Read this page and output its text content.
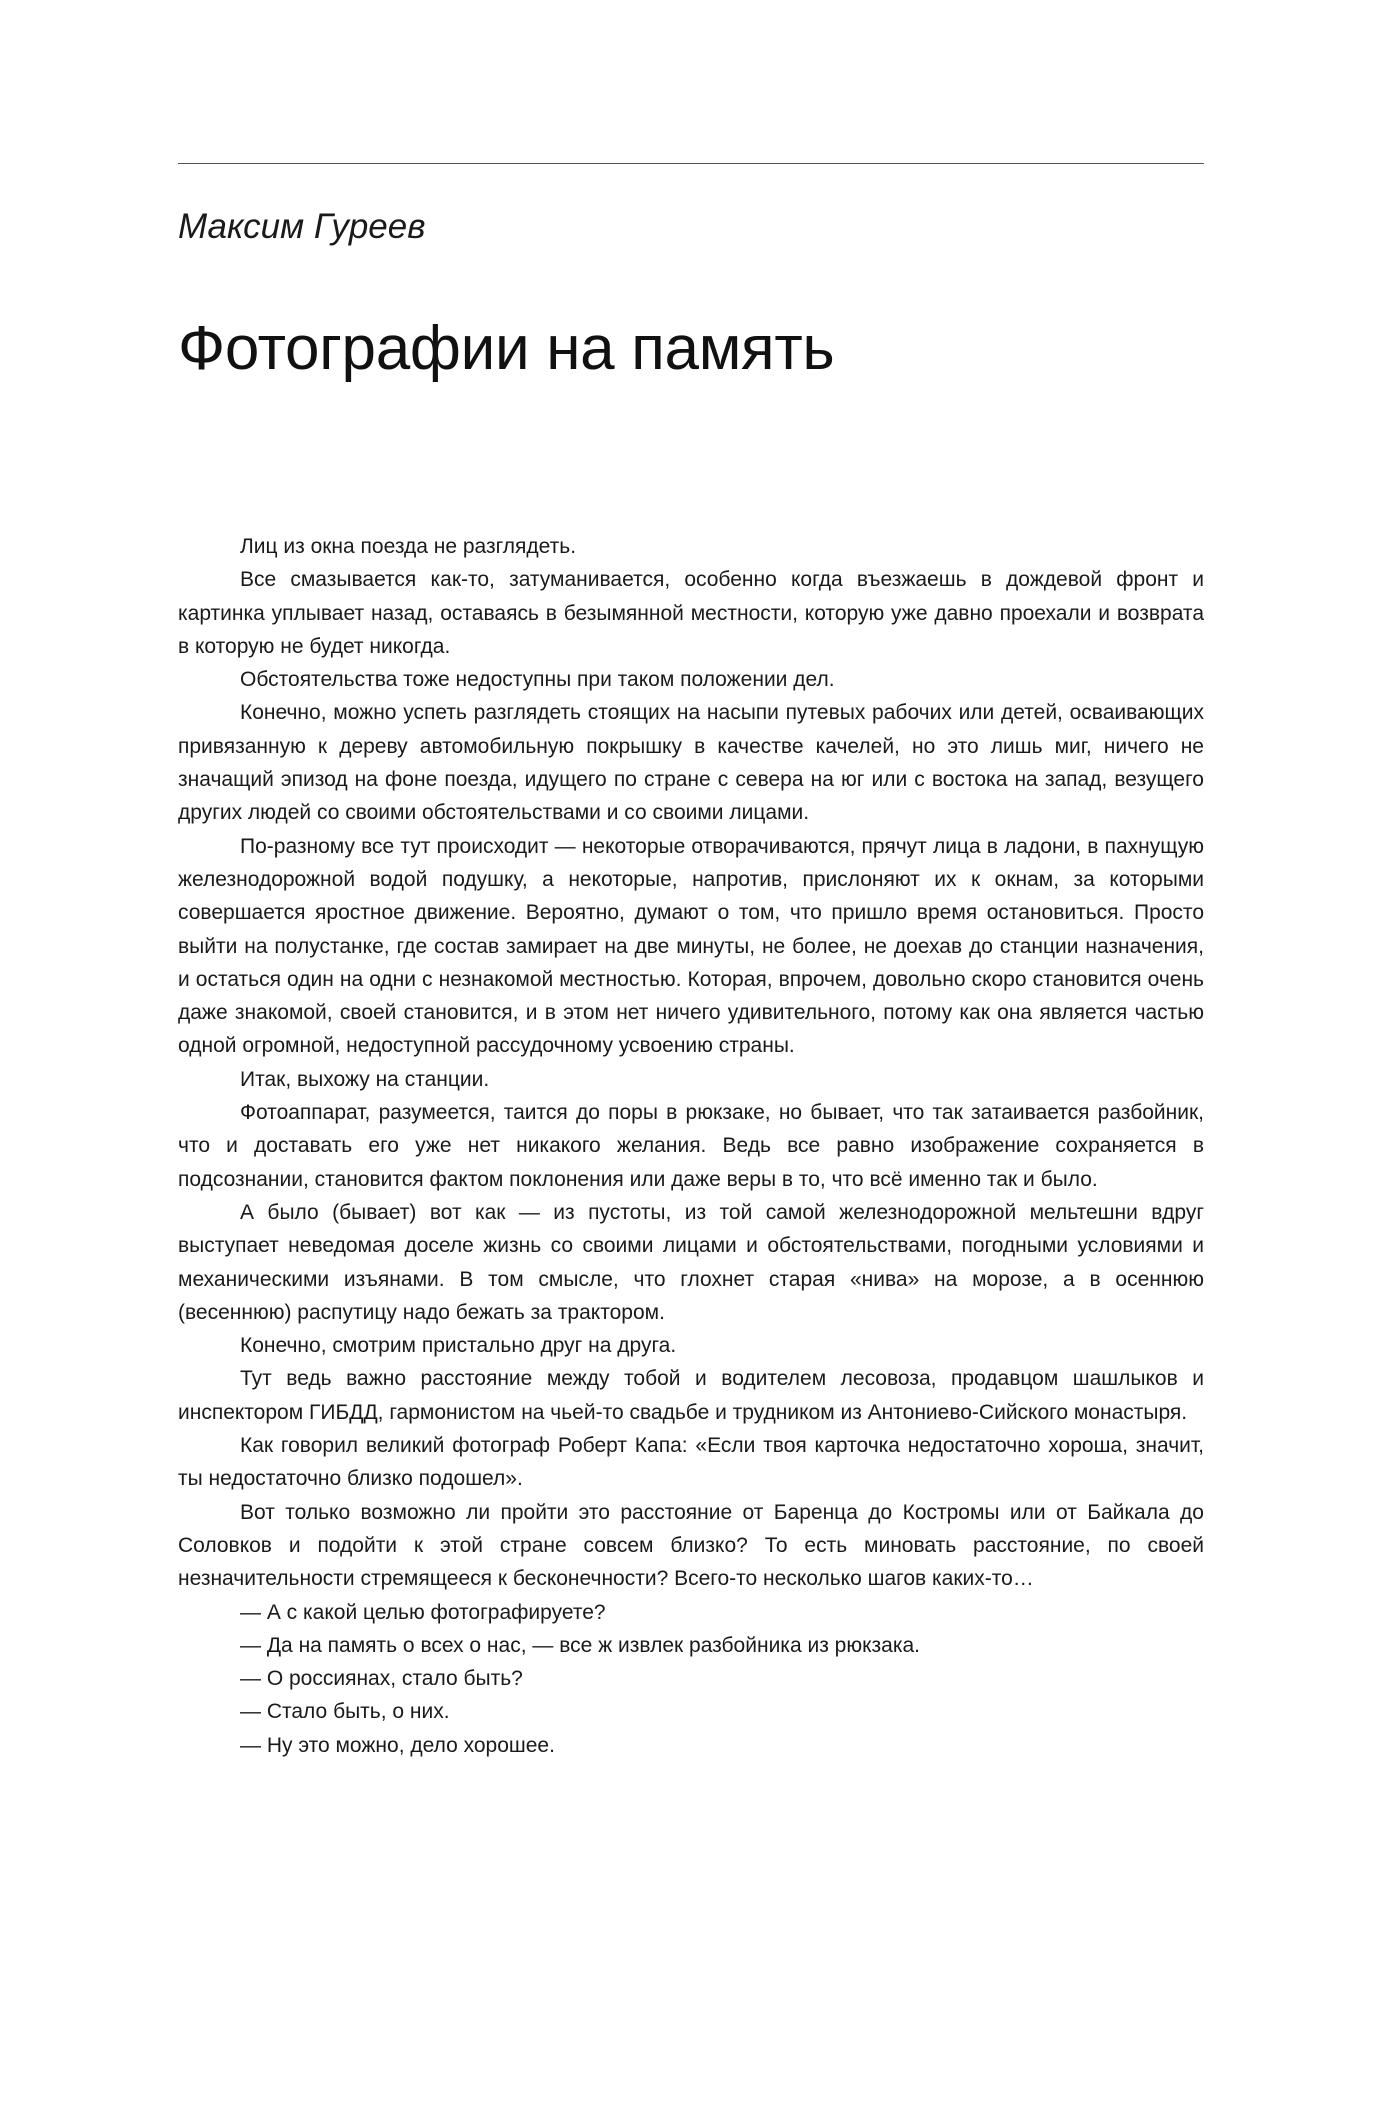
Максим Гуреев
Фотографии на память

Лиц из окна поезда не разглядеть.

Все смазывается как-то, затуманивается, особенно когда въезжаешь в дождевой фронт и картинка уплывает назад, оставаясь в безымянной местности, которую уже давно проехали и возврата в которую не будет никогда.

Обстоятельства тоже недоступны при таком положении дел.

Конечно, можно успеть разглядеть стоящих на насыпи путевых рабочих или детей, осваивающих привязанную к дереву автомобильную покрышку в качестве качелей, но это лишь миг, ничего не значащий эпизод на фоне поезда, идущего по стране с севера на юг или с востока на запад, везущего других людей со своими обстоятельствами и со своими лицами.

По-разному все тут происходит — некоторые отворачиваются, прячут лица в ладони, в пахнущую железнодорожной водой подушку, а некоторые, напротив, прислоняют их к окнам, за которыми совершается яростное движение. Вероятно, думают о том, что пришло время остановиться. Просто выйти на полустанке, где состав замирает на две минуты, не более, не доехав до станции назначения, и остаться один на одни с незнакомой местностью. Которая, впрочем, довольно скоро становится очень даже знакомой, своей становится, и в этом нет ничего удивительного, потому как она является частью одной огромной, недоступной рассудочному усвоению страны.

Итак, выхожу на станции.

Фотоаппарат, разумеется, таится до поры в рюкзаке, но бывает, что так затаивается разбойник, что и доставать его уже нет никакого желания. Ведь все равно изображение сохраняется в подсознании, становится фактом поклонения или даже веры в то, что всё именно так и было.

А было (бывает) вот как — из пустоты, из той самой железнодорожной мельтешни вдруг выступает неведомая доселе жизнь со своими лицами и обстоятельствами, погодными условиями и механическими изъянами. В том смысле, что глохнет старая «нива» на морозе, а в осеннюю (весеннюю) распутицу надо бежать за трактором.

Конечно, смотрим пристально друг на друга.

Тут ведь важно расстояние между тобой и водителем лесовоза, продавцом шашлыков и инспектором ГИБДД, гармонистом на чьей-то свадьбе и трудником из Антониево-Сийского монастыря.

Как говорил великий фотограф Роберт Капа: «Если твоя карточка недостаточно хороша, значит, ты недостаточно близко подошел».

Вот только возможно ли пройти это расстояние от Баренца до Костромы или от Байкала до Соловков и подойти к этой стране совсем близко? То есть миновать расстояние, по своей незначительности стремящееся к бесконечности? Всего-то несколько шагов каких-то…

— А с какой целью фотографируете?

— Да на память о всех о нас, — все ж извлек разбойника из рюкзака.

— О россиянах, стало быть?

— Стало быть, о них.

— Ну это можно, дело хорошее.
